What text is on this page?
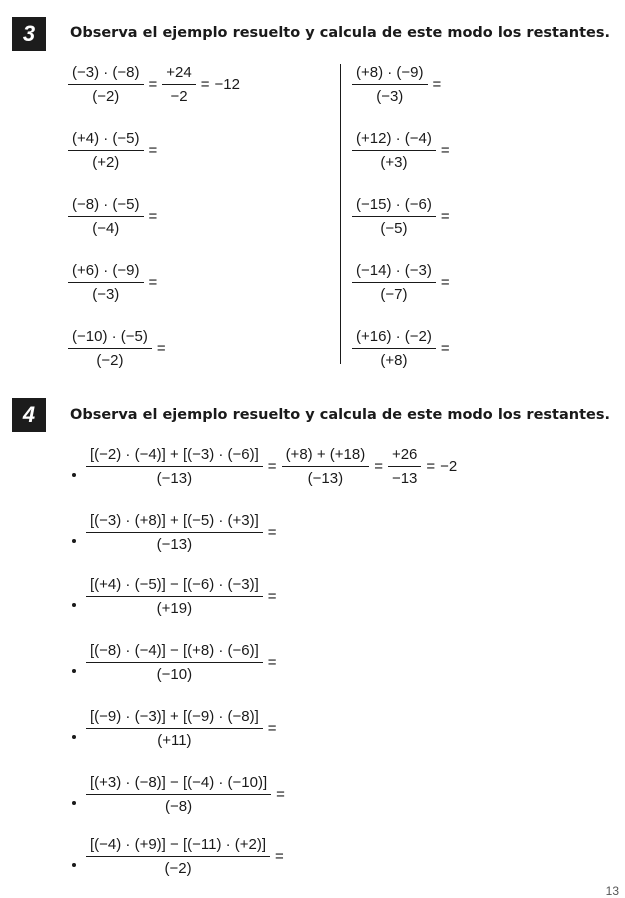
3	Observa el ejemplo resuelto y calcula de este modo los restantes.
$\frac{(-3) \cdot (-8)}{(-2)} = \frac{+24}{-2} = -12$
$\frac{(+4) \cdot (-5)}{(+2)}$ =
$\frac{(-8) \cdot (-5)}{(-4)}$ =
$\frac{(+6) \cdot (-9)}{(-3)}$ =
$\frac{(-10) \cdot (-5)}{(-2)}$ =
$\frac{(+8) \cdot (-9)}{(-3)}$ =
$\frac{(+12) \cdot (-4)}{(+3)}$ =
$\frac{(-15) \cdot (-6)}{(-5)}$ =
$\frac{(-14) \cdot (-3)}{(-7)}$ =
$\frac{(+16) \cdot (-2)}{(+8)}$ =
4	Observa el ejemplo resuelto y calcula de este modo los restantes.
$\frac{[(-2) \cdot (-4)] + [(-3) \cdot (-6)]}{(-13)} = \frac{(+8) + (+18)}{(-13)} = \frac{+26}{-13} = -2$
$\frac{[(-3) \cdot (+8)] + [(-5) \cdot (+3)]}{(-13)}$ =
$\frac{[(+4) \cdot (-5)] - [(-6) \cdot (-3)]}{(+19)}$ =
$\frac{[(-8) \cdot (-4)] - [(+8) \cdot (-6)]}{(-10)}$ =
$\frac{[(-9) \cdot (-3)] + [(-9) \cdot (-8)]}{(+11)}$ =
$\frac{[(+3) \cdot (-8)] - [(-4) \cdot (-10)]}{(-8)}$ =
$\frac{[(-4) \cdot (+9)] - [(-11) \cdot (+2)]}{(-2)}$ =
13
